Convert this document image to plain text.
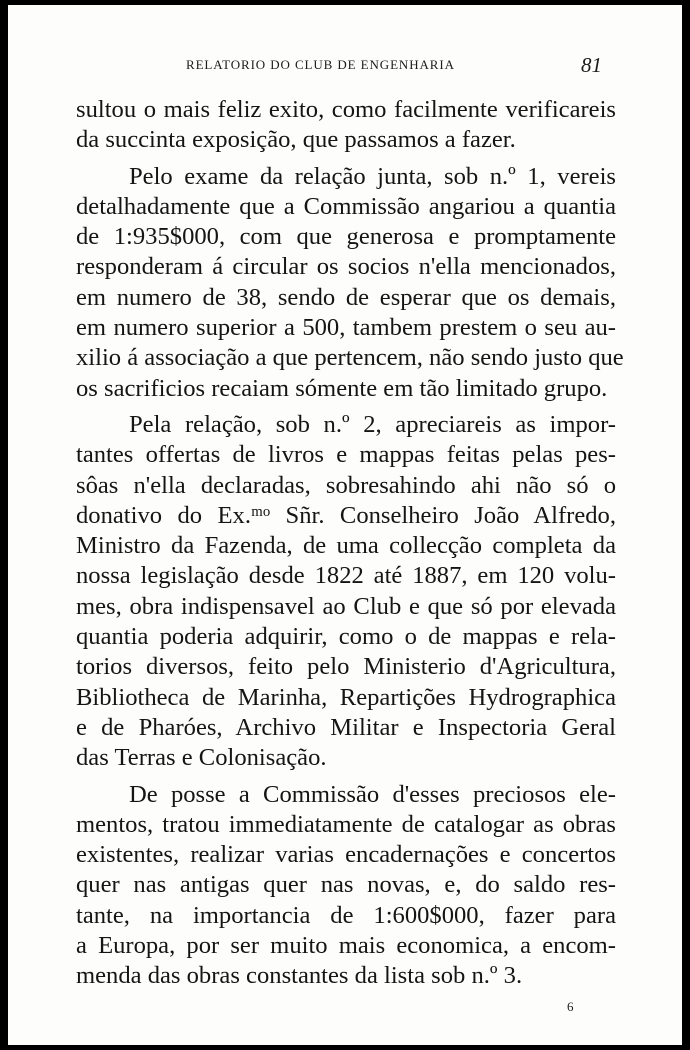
RELATORIO DO CLUB DE ENGENHARIA	81
sultou o mais feliz exito, como facilmente verificareis
da succinta exposição, que passamos a fazer.
Pelo exame da relação junta, sob n.º 1, vereis
detalhadamente que a Commissão angariou a quantia
de 1:935$000, com que generosa e promptamente
responderam á circular os socios n'ella mencionados,
em numero de 38, sendo de esperar que os demais,
em numero superior a 500, tambem prestem o seu au-
xilio á associação a que pertencem, não sendo justo que
os sacrificios recaiam sómente em tão limitado grupo.
Pela relação, sob n.º 2, apreciareis as impor-
tantes offertas de livros e mappas feitas pelas pes-
sôas n'ella declaradas, sobresahindo ahi não só o
donativo do Ex.ᵐᵒ Sñr. Conselheiro João Alfredo,
Ministro da Fazenda, de uma collecção completa da
nossa legislação desde 1822 até 1887, em 120 volu-
mes, obra indispensavel ao Club e que só por elevada
quantia poderia adquirir, como o de mappas e rela-
torios diversos, feito pelo Ministerio d'Agricultura,
Bibliotheca de Marinha, Repartições Hydrographica
e de Pharóes, Archivo Militar e Inspectoria Geral
das Terras e Colonisação.
De posse a Commissão d'esses preciosos ele-
mentos, tratou immediatamente de catalogar as obras
existentes, realizar varias encadernações e concertos
quer nas antigas quer nas novas, e, do saldo res-
tante, na importancia de 1:600$000, fazer para
a Europa, por ser muito mais economica, a encom-
menda das obras constantes da lista sob n.º 3.
6
